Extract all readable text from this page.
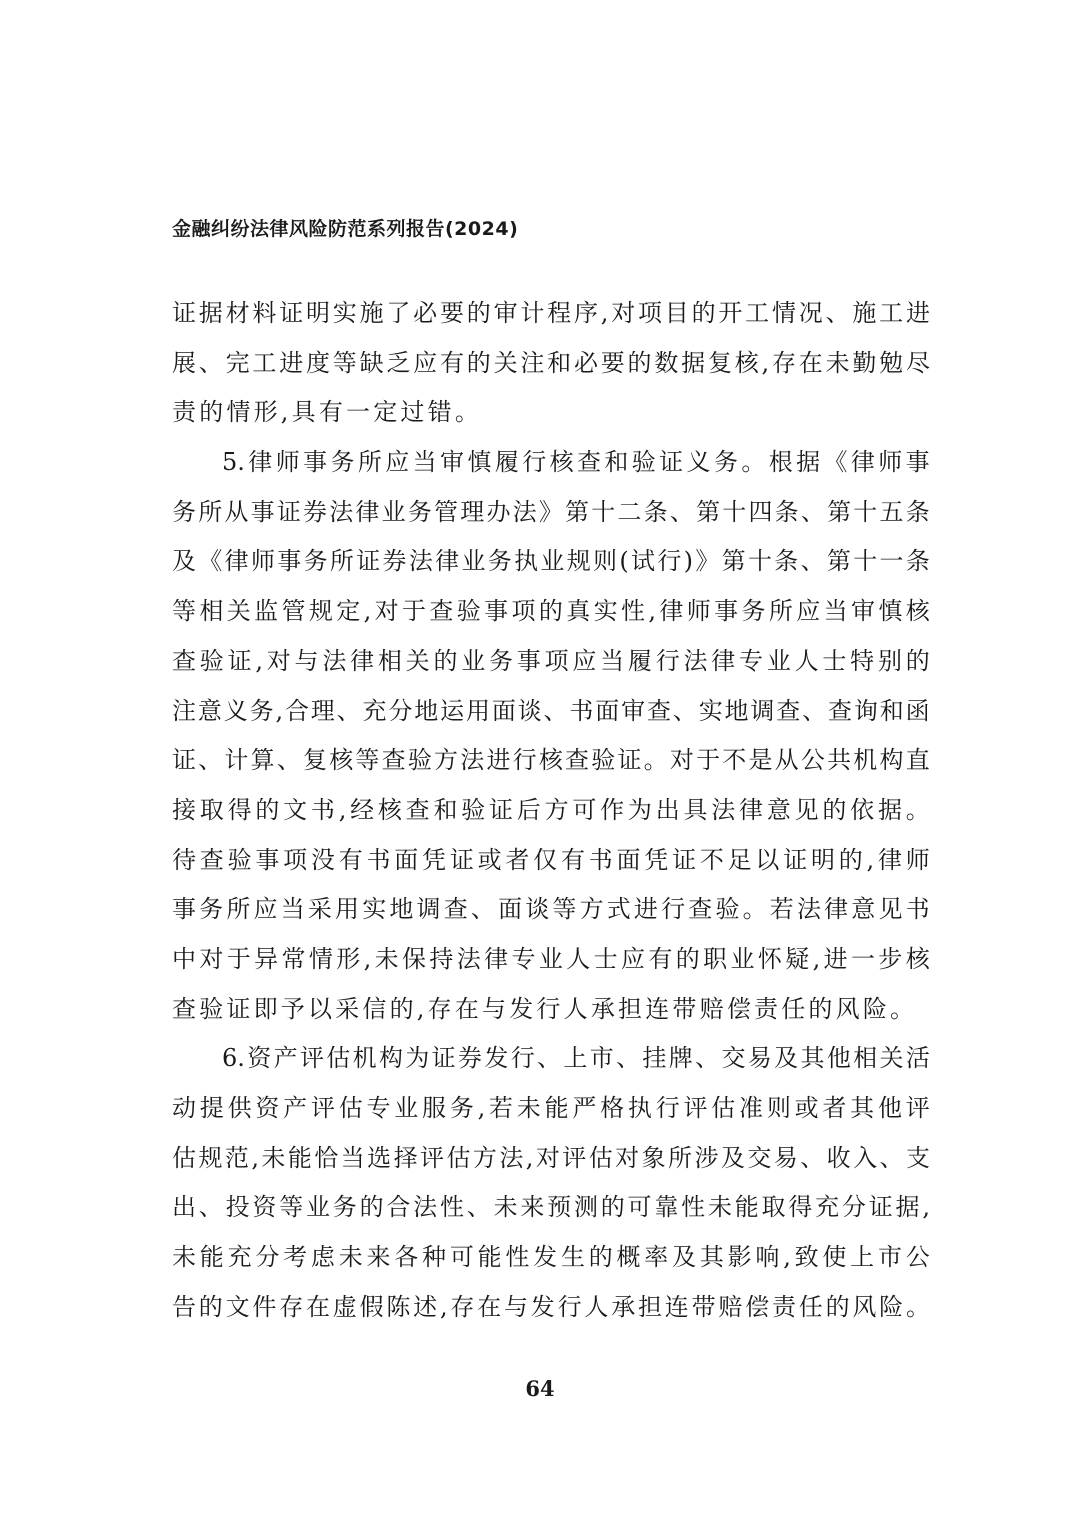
金融纠纷法律风险防范系列报告(2024)
证 据 材 料 证 明 实 施 了 必 要 的 审 计 程 序 , 对 项 目 的 开 工 情 况 、 施 工 进
展 、 完 工 进 度 等 缺 乏 应 有 的 关 注 和 必 要 的 数 据 复 核 , 存 在 未 勤 勉 尽
责的情形,具有一定过错。
5. 律 师 事 务 所 应 当 审 慎 履 行 核 查 和 验 证 义 务 。 根 据 《 律 师 事
务 所 从 事 证 券 法 律 业 务 管 理 办 法 》 第 十 二 条 、 第 十 四 条 、 第 十 五 条
及 《 律 师 事 务 所 证 券 法 律 业 务 执 业 规 则 ( 试 行 ) 》 第 十 条 、 第 十 一 条
等 相 关 监 管 规 定 , 对 于 查 验 事 项 的 真 实 性 , 律 师 事 务 所 应 当 审 慎 核
查 验 证 , 对 与 法 律 相 关 的 业 务 事 项 应 当 履 行 法 律 专 业 人 士 特 别 的
注 意 义 务 , 合 理 、 充 分 地 运 用 面 谈 、 书 面 审 查 、 实 地 调 查 、 查 询 和 函
证 、 计 算 、 复 核 等 查 验 方 法 进 行 核 查 验 证 。 对 于 不 是 从 公 共 机 构 直
接 取 得 的 文 书 , 经 核 查 和 验 证 后 方 可 作 为 出 具 法 律 意 见 的 依 据 。
待 查 验 事 项 没 有 书 面 凭 证 或 者 仅 有 书 面 凭 证 不 足 以 证 明 的 , 律 师
事 务 所 应 当 采 用 实 地 调 查 、 面 谈 等 方 式 进 行 查 验 。 若 法 律 意 见 书
中 对 于 异 常 情 形 , 未 保 持 法 律 专 业 人 士 应 有 的 职 业 怀 疑 , 进 一 步 核
查验证即予以采信的,存在与发行人承担连带赔偿责任的风险。
6. 资 产 评 估 机 构 为 证 券 发 行 、 上 市 、 挂 牌 、 交 易 及 其 他 相 关 活
动 提 供 资 产 评 估 专 业 服 务 , 若 未 能 严 格 执 行 评 估 准 则 或 者 其 他 评
估 规 范 , 未 能 恰 当 选 择 评 估 方 法 , 对 评 估 对 象 所 涉 及 交 易 、 收 入 、 支
出 、 投 资 等 业 务 的 合 法 性 、 未 来 预 测 的 可 靠 性 未 能 取 得 充 分 证 据 ,
未 能 充 分 考 虑 未 来 各 种 可 能 性 发 生 的 概 率 及 其 影 响 , 致 使 上 市 公
告 的 文 件 存 在 虚 假 陈 述 , 存 在 与 发 行 人 承 担 连 带 赔 偿 责 任 的 风 险 。
64
